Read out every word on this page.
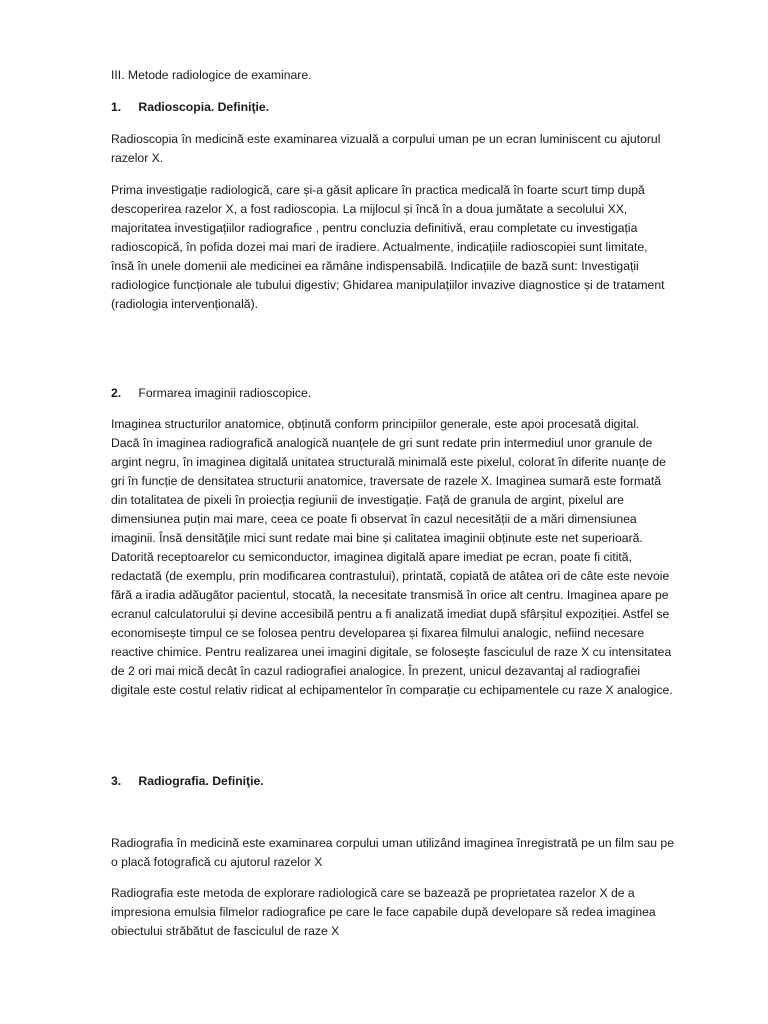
III. Metode radiologice de examinare.
1. Radioscopia. Definiţie.
Radioscopia în medicină este examinarea vizuală a corpului uman pe un ecran luminiscent cu ajutorul
razelor X.
Prima investigație radiologică, care și-a găsit aplicare în practica medicală în foarte scurt timp după
descoperirea razelor X, a fost radioscopia. La mijlocul și încă în a doua jumătate a secolului XX,
majoritatea investigațiilor radiografice , pentru concluzia definitivă, erau completate cu investigația
radioscopică, în pofida dozei mai mari de iradiere. Actualmente, indicațiile radioscopiei sunt limitate,
însă în unele domenii ale medicinei ea rămâne indispensabilă. Indicațiile de bază sunt: Investigații
radiologice funcționale ale tubului digestiv; Ghidarea manipulațiilor invazive diagnostice și de tratament
(radiologia intervențională).
2. Formarea imaginii radioscopice.
Imaginea structurilor anatomice, obținută conform principiilor generale, este apoi procesată digital.
Dacă în imaginea radiografică analogică nuanțele de gri sunt redate prin intermediul unor granule de
argint negru, în imaginea digitală unitatea structurală minimală este pixelul, colorat în diferite nuanțe de
gri în funcție de densitatea structurii anatomice, traversate de razele X. Imaginea sumară este formată
din totalitatea de pixeli în proiecția regiunii de investigație. Față de granula de argint, pixelul are
dimensiunea puțin mai mare, ceea ce poate fi observat în cazul necesității de a mări dimensiunea
imaginii. Însă densitățile mici sunt redate mai bine și calitatea imaginii obținute este net superioară.
Datorită receptoarelor cu semiconductor, imaginea digitală apare imediat pe ecran, poate fi citită,
redactată (de exemplu, prin modificarea contrastului), printată, copiată de atâtea ori de câte este nevoie
fără a iradia adăugător pacientul, stocată, la necesitate transmisă în orice alt centru. Imaginea apare pe
ecranul calculatorului și devine accesibilă pentru a fi analizată imediat după sfârșitul expoziției. Astfel se
economisește timpul ce se folosea pentru developarea și fixarea filmului analogic, nefiind necesare
reactive chimice. Pentru realizarea unei imagini digitale, se folosește fasciculul de raze X cu intensitatea
de 2 ori mai mică decât în cazul radiografiei analogice. În prezent, unicul dezavantaj al radiografiei
digitale este costul relativ ridicat al echipamentelor în comparație cu echipamentele cu raze X analogice.
3. Radiografia. Definiţie.
Radiografia în medicină este examinarea corpului uman utilizând imaginea înregistrată pe un film sau pe
o placă fotografică cu ajutorul razelor X
Radiografia este metoda de explorare radiologică care se bazează pe proprietatea razelor X de a
impresiona emulsia filmelor radiografice pe care le face capabile după developare să redea imaginea
obiectului străbătut de fasciculul de raze X
